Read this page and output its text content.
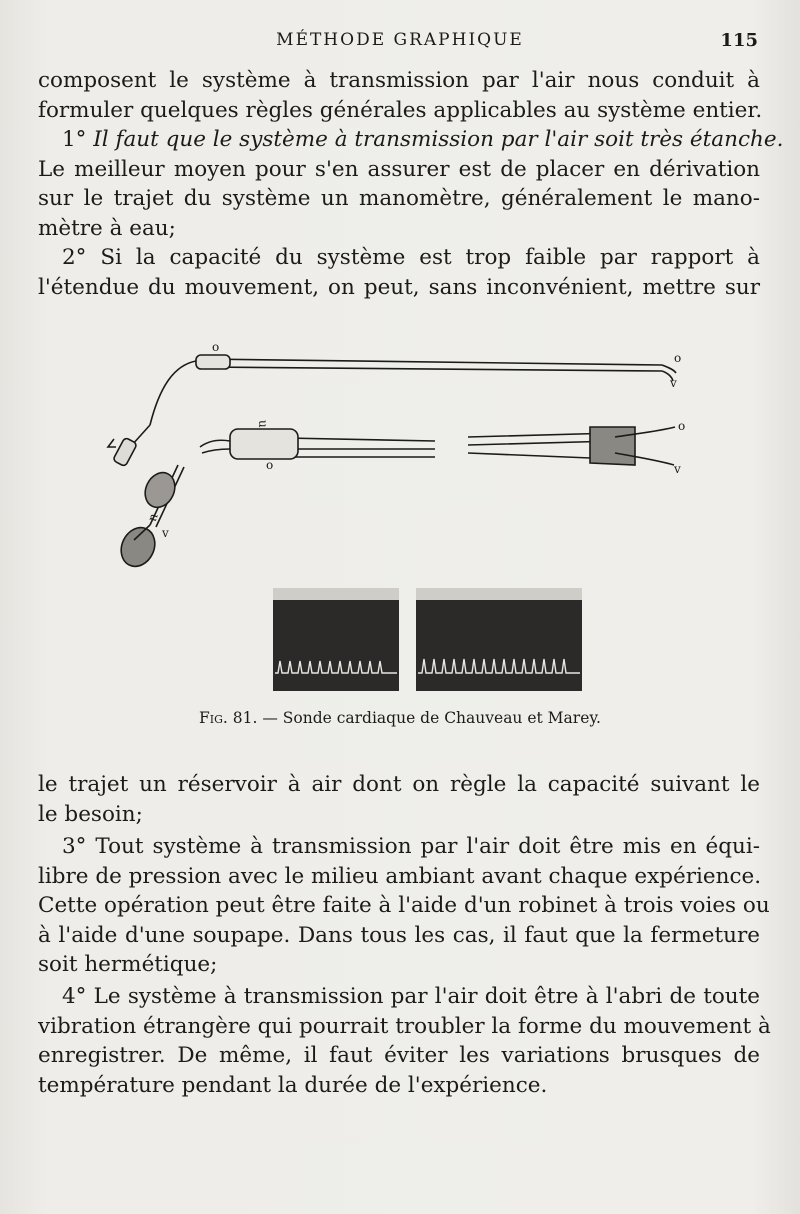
MÉTHODE GRAPHIQUE	115

composent le système à transmission par l'air nous conduit à
formuler quelques règles générales applicables au système entier.

1° Il faut que le système à transmission par l'air soit très étanche.
Le meilleur moyen pour s'en assurer est de placer en dérivation
sur le trajet du système un manomètre, généralement le mano-
mètre à eau;

2° Si la capacité du système est trop faible par rapport à
l'étendue du mouvement, on peut, sans inconvénient, mettre sur

o
o
v
u
o
o
v
u
v
Fig. 81. — Sonde cardiaque de Chauveau et Marey.

le trajet un réservoir à air dont on règle la capacité suivant le
le besoin;

3° Tout système à transmission par l'air doit être mis en équi-
libre de pression avec le milieu ambiant avant chaque expérience.
Cette opération peut être faite à l'aide d'un robinet à trois voies ou
à l'aide d'une soupape. Dans tous les cas, il faut que la fermeture
soit hermétique;

4° Le système à transmission par l'air doit être à l'abri de toute
vibration étrangère qui pourrait troubler la forme du mouvement à
enregistrer. De même, il faut éviter les variations brusques de
température pendant la durée de l'expérience.
